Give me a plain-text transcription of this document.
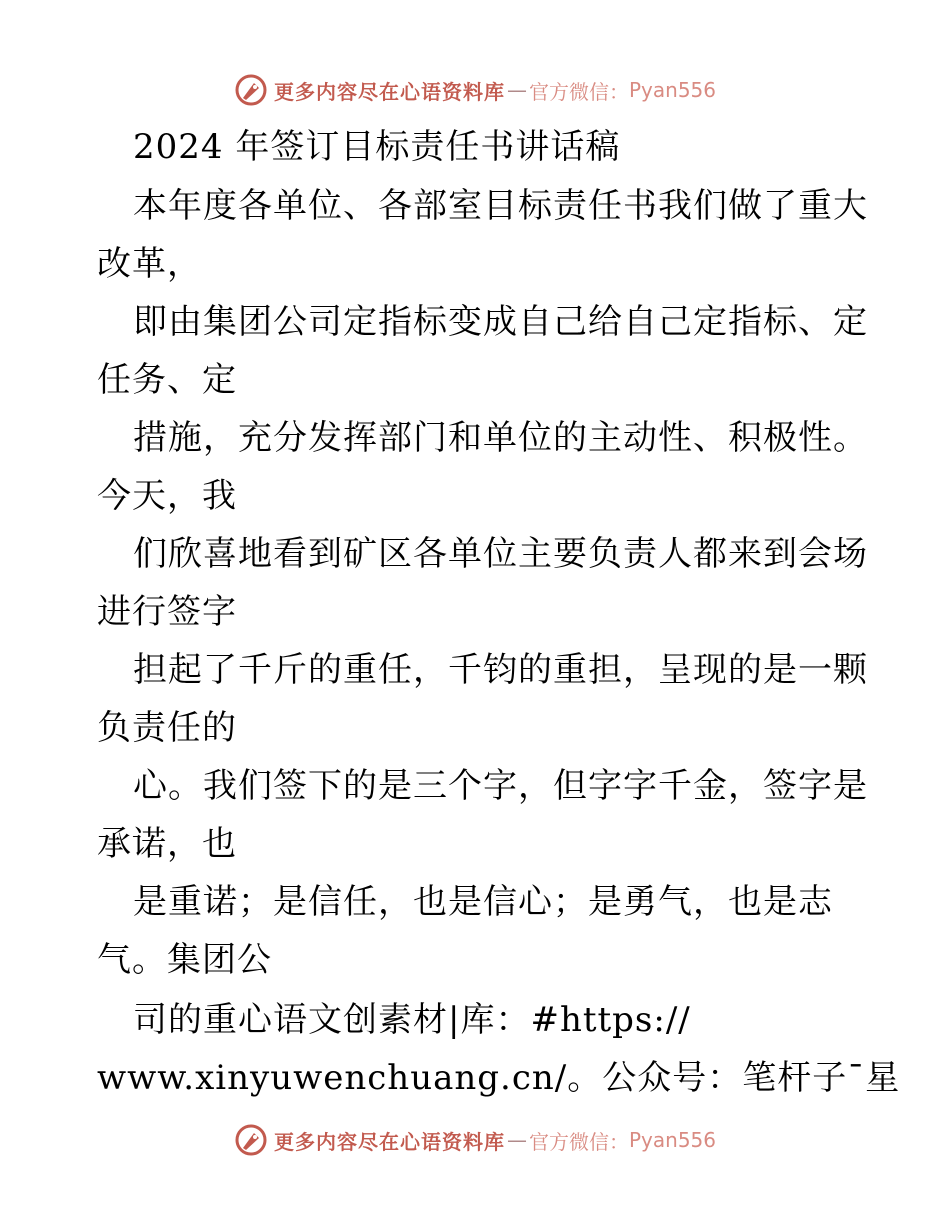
更多内容尽在心语资料库 — 官方微信： Pyan556
2024 年签订目标责任书讲话稿
本年度各单位、各部室目标责任书我们做了重大
改革，
即由集团公司定指标变成自己给自己定指标、定
任务、定
措施，充分发挥部门和单位的主动性、积极性。
今天，我
们欣喜地看到矿区各单位主要负责人都来到会场
进行签字
担起了千斤的重任，千钧的重担，呈现的是一颗
负责任的
心。我们签下的是三个字，但字字千金，签字是
承诺，也
是重诺；是信任，也是信心；是勇气，也是志
气。集团公
司的重心语文创素材|库：#https://
www.xinyuwenchuang.cn/。公众号：笔杆子¯星
更多内容尽在心语资料库 — 官方微信： Pyan556
